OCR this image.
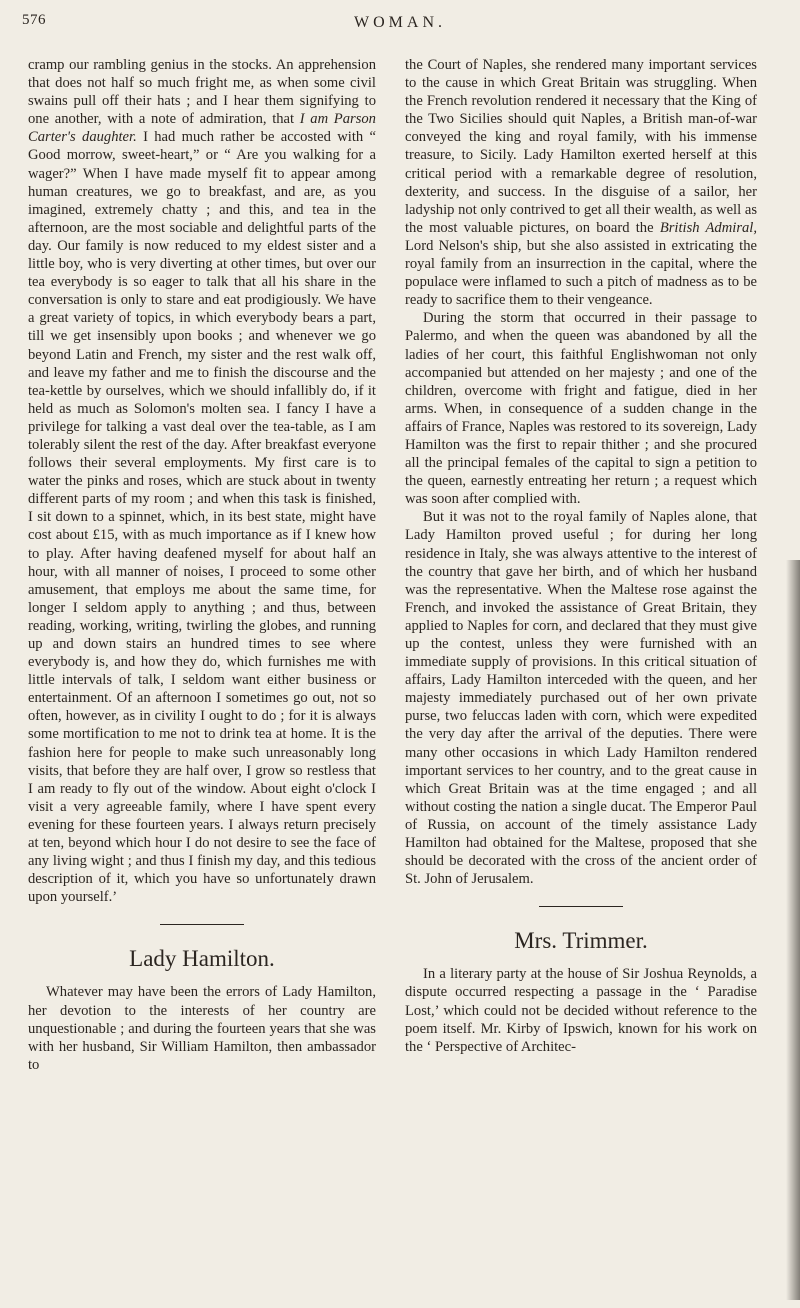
576	WOMAN.

cramp our rambling genius in the stocks. An apprehension that does not half so much fright me, as when some civil swains pull off their hats ; and I hear them signifying to one another, with a note of admiration, that I am Parson Carter's daughter. I had much rather be accosted with “ Good morrow, sweet-heart,” or “ Are you walking for a wager?” When I have made myself fit to appear among human creatures, we go to breakfast, and are, as you imagined, extremely chatty ; and this, and tea in the afternoon, are the most sociable and delightful parts of the day. Our family is now reduced to my eldest sister and a little boy, who is very diverting at other times, but over our tea everybody is so eager to talk that all his share in the conversation is only to stare and eat prodigiously. We have a great variety of topics, in which everybody bears a part, till we get insensibly upon books ; and whenever we go beyond Latin and French, my sister and the rest walk off, and leave my father and me to finish the discourse and the tea-kettle by ourselves, which we should infallibly do, if it held as much as Solomon's molten sea. I fancy I have a privilege for talking a vast deal over the tea-table, as I am tolerably silent the rest of the day. After breakfast everyone follows their several employments. My first care is to water the pinks and roses, which are stuck about in twenty different parts of my room ; and when this task is finished, I sit down to a spinnet, which, in its best state, might have cost about £15, with as much importance as if I knew how to play. After having deafened myself for about half an hour, with all manner of noises, I proceed to some other amusement, that employs me about the same time, for longer I seldom apply to anything ; and thus, between reading, working, writing, twirling the globes, and running up and down stairs an hundred times to see where everybody is, and how they do, which furnishes me with little intervals of talk, I seldom want either business or entertainment. Of an afternoon I sometimes go out, not so often, however, as in civility I ought to do ; for it is always some mortification to me not to drink tea at home. It is the fashion here for people to make such unreasonably long visits, that before they are half over, I grow so restless that I am ready to fly out of the window. About eight o'clock I visit a very agreeable family, where I have spent every evening for these fourteen years. I always return precisely at ten, beyond which hour I do not desire to see the face of any living wight ; and thus I finish my day, and this tedious description of it, which you have so unfortunately drawn upon yourself.’

Lady Hamilton.

Whatever may have been the errors of Lady Hamilton, her devotion to the interests of her country are unquestionable ; and during the fourteen years that she was with her husband, Sir William Hamilton, then ambassador to

the Court of Naples, she rendered many important services to the cause in which Great Britain was struggling. When the French revolution rendered it necessary that the King of the Two Sicilies should quit Naples, a British man-of-war conveyed the king and royal family, with his immense treasure, to Sicily. Lady Hamilton exerted herself at this critical period with a remarkable degree of resolution, dexterity, and success. In the disguise of a sailor, her ladyship not only contrived to get all their wealth, as well as the most valuable pictures, on board the British Admiral, Lord Nelson's ship, but she also assisted in extricating the royal family from an insurrection in the capital, where the populace were inflamed to such a pitch of madness as to be ready to sacrifice them to their vengeance.

During the storm that occurred in their passage to Palermo, and when the queen was abandoned by all the ladies of her court, this faithful Englishwoman not only accompanied but attended on her majesty ; and one of the children, overcome with fright and fatigue, died in her arms. When, in consequence of a sudden change in the affairs of France, Naples was restored to its sovereign, Lady Hamilton was the first to repair thither ; and she procured all the principal females of the capital to sign a petition to the queen, earnestly entreating her return ; a request which was soon after complied with.

But it was not to the royal family of Naples alone, that Lady Hamilton proved useful ; for during her long residence in Italy, she was always attentive to the interest of the country that gave her birth, and of which her husband was the representative. When the Maltese rose against the French, and invoked the assistance of Great Britain, they applied to Naples for corn, and declared that they must give up the contest, unless they were furnished with an immediate supply of provisions. In this critical situation of affairs, Lady Hamilton interceded with the queen, and her majesty immediately purchased out of her own private purse, two feluccas laden with corn, which were expedited the very day after the arrival of the deputies. There were many other occasions in which Lady Hamilton rendered important services to her country, and to the great cause in which Great Britain was at the time engaged ; and all without costing the nation a single ducat. The Emperor Paul of Russia, on account of the timely assistance Lady Hamilton had obtained for the Maltese, proposed that she should be decorated with the cross of the ancient order of St. John of Jerusalem.

Mrs. Trimmer.

In a literary party at the house of Sir Joshua Reynolds, a dispute occurred respecting a passage in the ‘ Paradise Lost,’ which could not be decided without reference to the poem itself. Mr. Kirby of Ipswich, known for his work on the ‘ Perspective of Architec-
